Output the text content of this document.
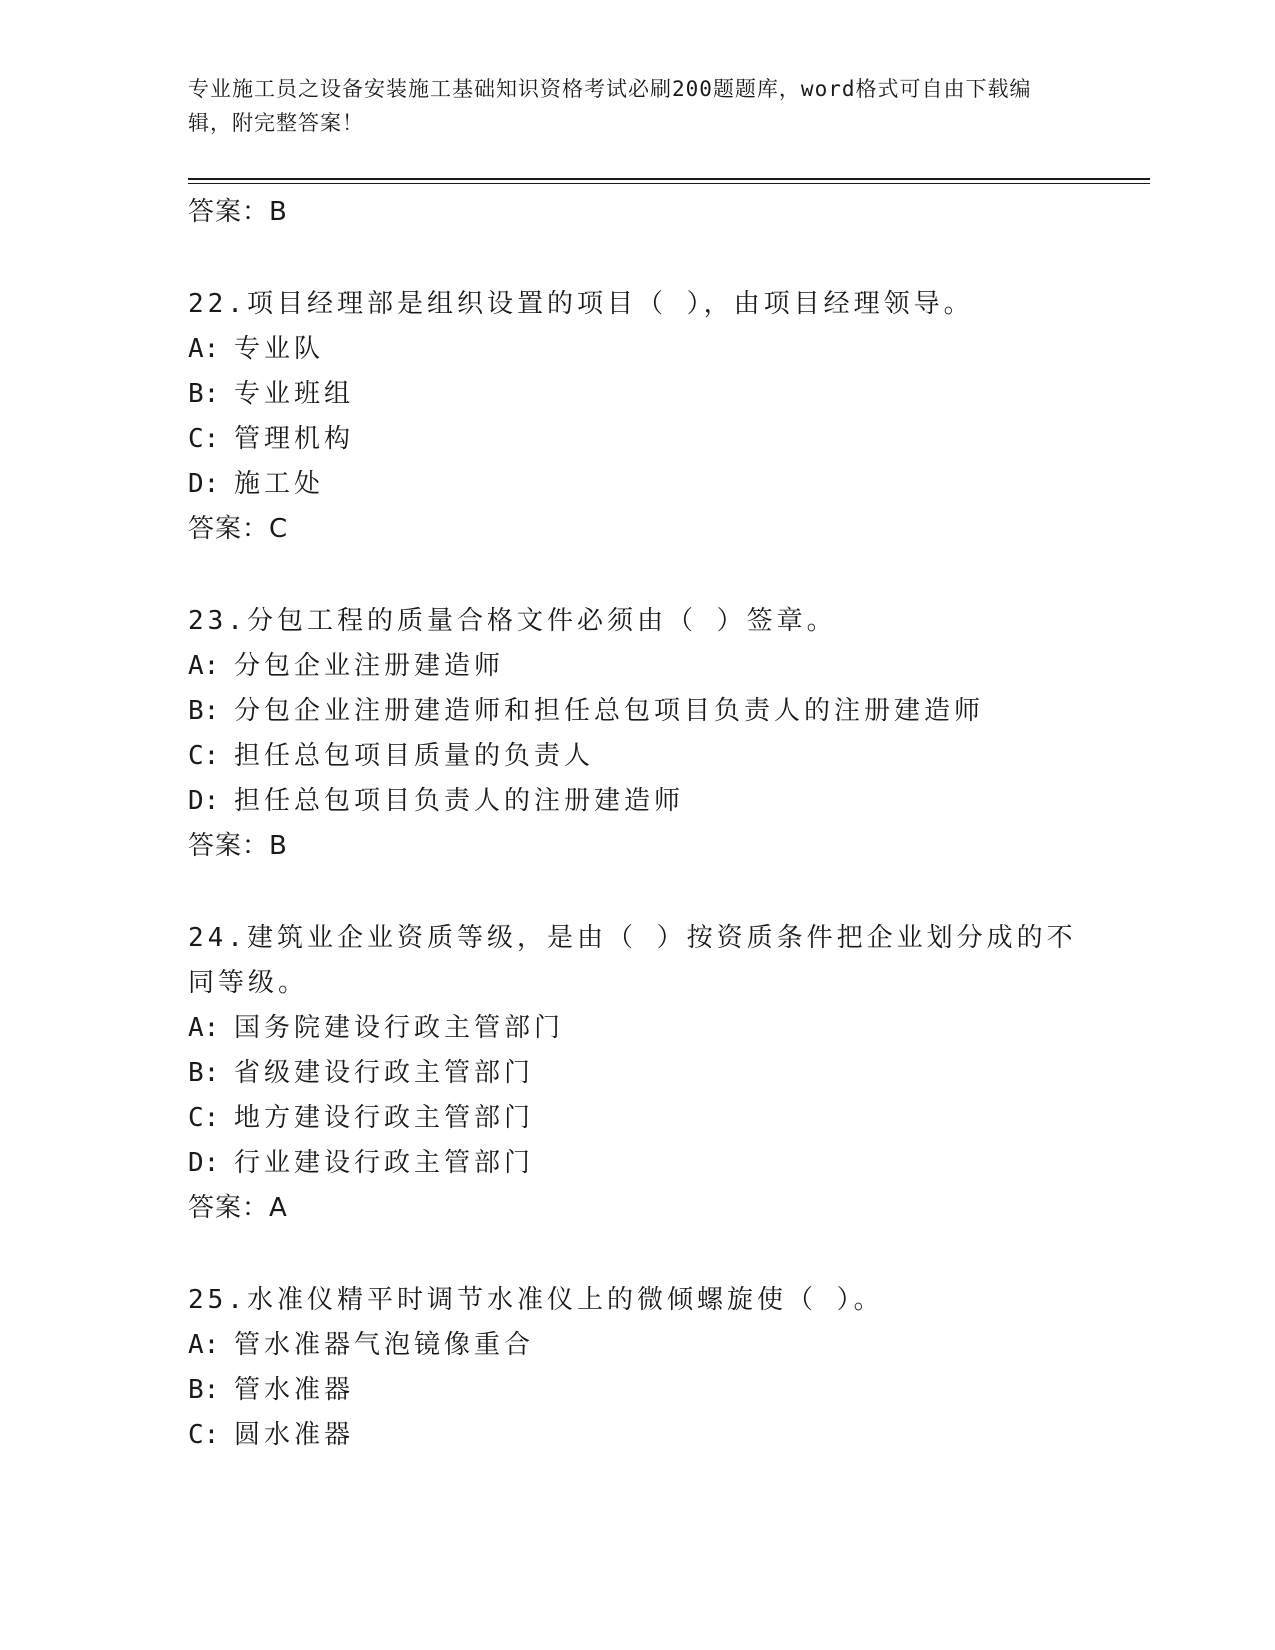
专业施工员之设备安装施工基础知识资格考试必刷200题题库，word格式可自由下载编辑，附完整答案！
答案：B

22.项目经理部是组织设置的项目（ ），由项目经理领导。

A: 专业队
B: 专业班组
C: 管理机构
D: 施工处
答案：C

23.分包工程的质量合格文件必须由（ ）签章。

A: 分包企业注册建造师
B: 分包企业注册建造师和担任总包项目负责人的注册建造师
C: 担任总包项目质量的负责人
D: 担任总包项目负责人的注册建造师
答案：B

24.建筑业企业资质等级，是由（ ）按资质条件把企业划分成的不同等级。

A: 国务院建设行政主管部门
B: 省级建设行政主管部门
C: 地方建设行政主管部门
D: 行业建设行政主管部门
答案：A

25.水准仪精平时调节水准仪上的微倾螺旋使（ ）。

A: 管水准器气泡镜像重合
B: 管水准器
C: 圆水准器
